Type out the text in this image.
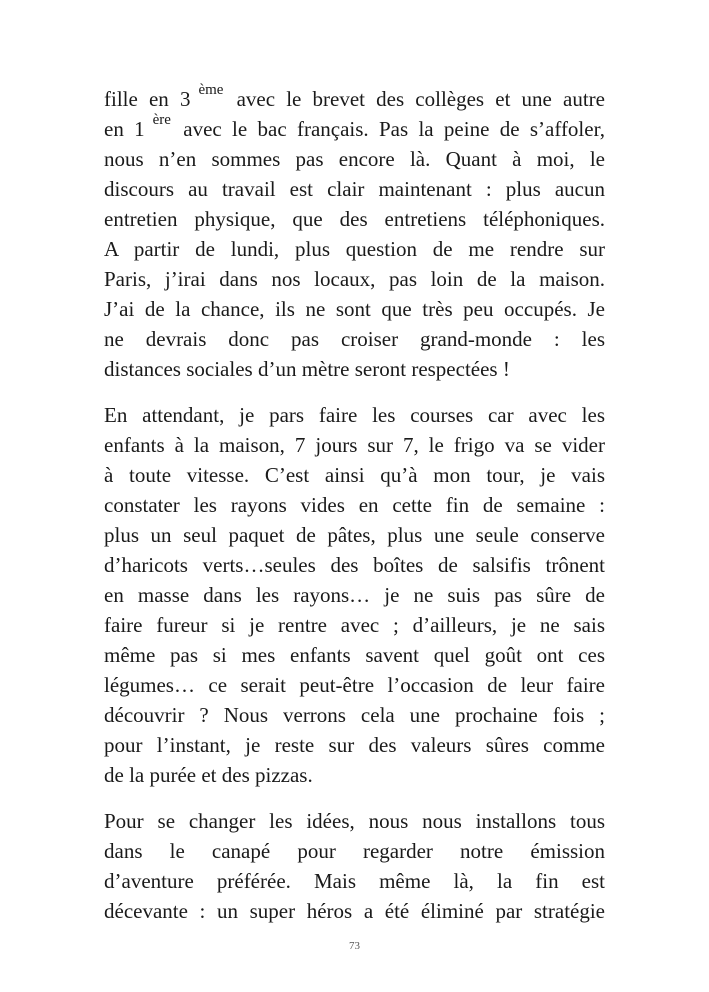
fille en 3 $^{ème}$ avec le brevet des collèges et une autre
en 1 $^{ère}$ avec le bac français. Pas la peine de s’affoler,
nous n’en sommes pas encore là. Quant à moi, le
discours au travail est clair maintenant : plus aucun
entretien physique, que des entretiens téléphoniques.
A partir de lundi, plus question de me rendre sur
Paris, j’irai dans nos locaux, pas loin de la maison.
J’ai de la chance, ils ne sont que très peu occupés. Je
ne devrais donc pas croiser grand-monde : les
distances sociales d’un mètre seront respectées !
En attendant, je pars faire les courses car avec les
enfants à la maison, 7 jours sur 7, le frigo va se vider
à toute vitesse. C’est ainsi qu’à mon tour, je vais
constater les rayons vides en cette fin de semaine :
plus un seul paquet de pâtes, plus une seule conserve
d’haricots verts…seules des boîtes de salsifis trônent
en masse dans les rayons… je ne suis pas sûre de
faire fureur si je rentre avec ; d’ailleurs, je ne sais
même pas si mes enfants savent quel goût ont ces
légumes… ce serait peut-être l’occasion de leur faire
découvrir ? Nous verrons cela une prochaine fois ;
pour l’instant, je reste sur des valeurs sûres comme
de la purée et des pizzas.
Pour se changer les idées, nous nous installons tous
dans le canapé pour regarder notre émission
d’aventure préférée. Mais même là, la fin est
décevante : un super héros a été éliminé par stratégie
73
